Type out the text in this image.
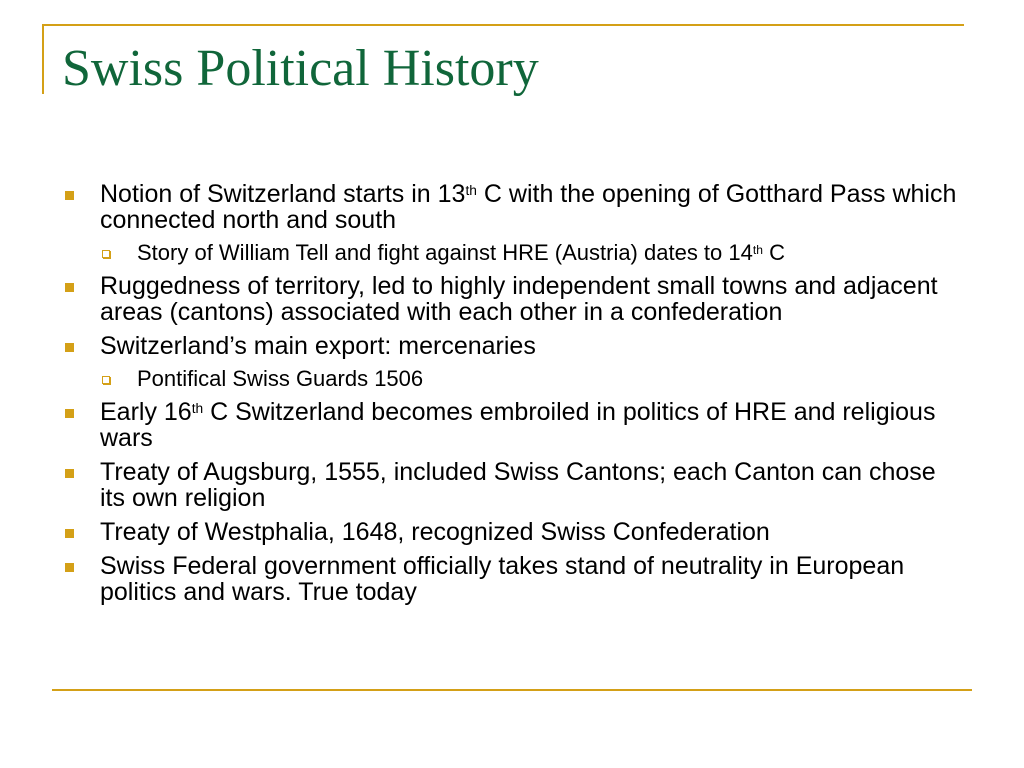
Swiss Political History
Notion of Switzerland starts in 13th C with the opening of Gotthard Pass which connected north and south
Story of William Tell and fight against HRE (Austria) dates to 14th C
Ruggedness of territory, led to highly independent small towns and adjacent areas (cantons) associated with each other in a confederation
Switzerland’s main export: mercenaries
Pontifical Swiss Guards 1506
Early 16th C Switzerland becomes embroiled in politics of HRE and religious wars
Treaty of Augsburg, 1555, included Swiss Cantons; each Canton can chose its own religion
Treaty of Westphalia, 1648, recognized Swiss Confederation
Swiss Federal government officially takes stand of neutrality in European politics and wars. True today
